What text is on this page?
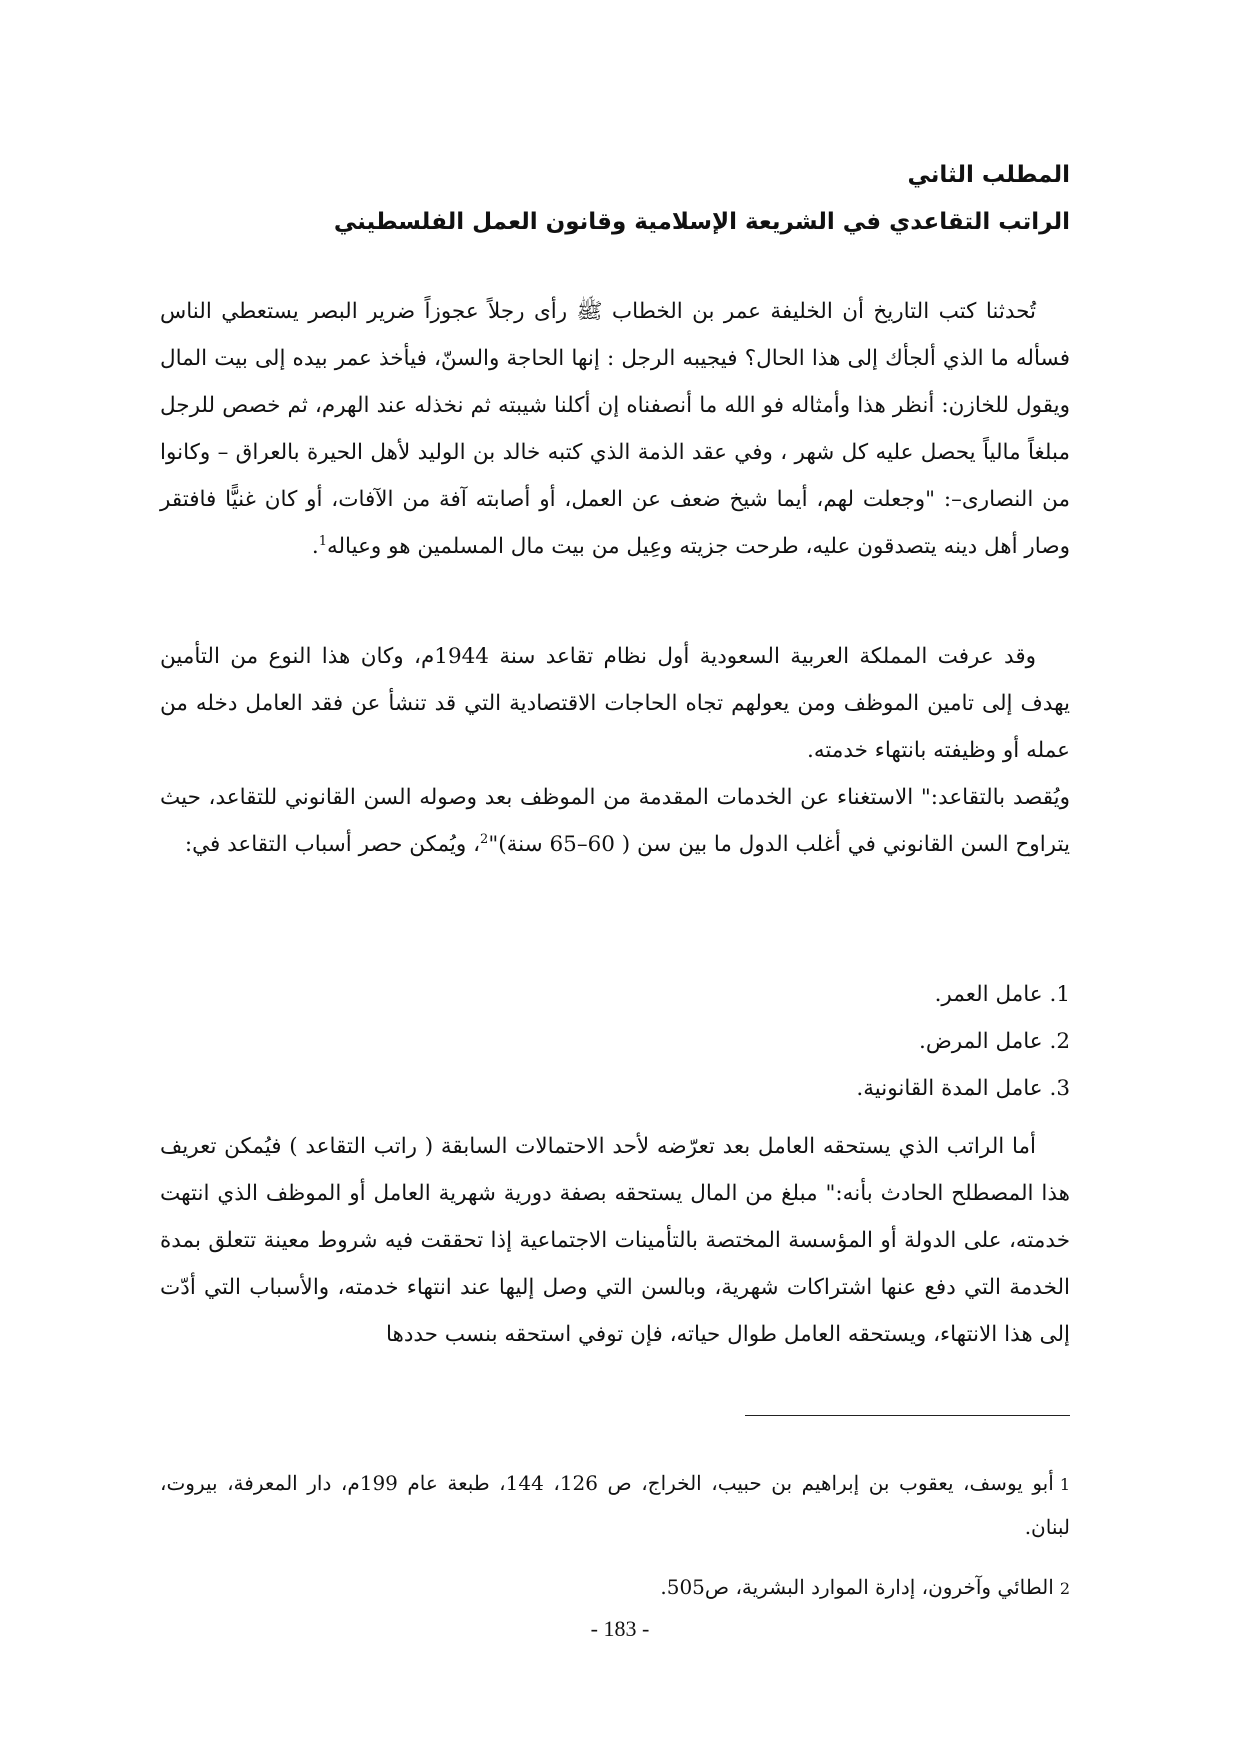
المطلب الثاني
الراتب التقاعدي في الشريعة الإسلامية وقانون العمل الفلسطيني

تُحدثنا كتب التاريخ أن الخليفة عمر بن الخطاب ﷺ رأى رجلاً عجوزاً ضرير البصر يستعطي الناس فسأله ما الذي ألجأك إلى هذا الحال؟ فيجيبه الرجل : إنها الحاجة والسنّ، فيأخذ عمر بيده إلى بيت المال ويقول للخازن: أنظر هذا وأمثاله فو الله ما أنصفناه إن أكلنا شيبته ثم نخذله عند الهرم، ثم خصص للرجل مبلغاً مالياً يحصل عليه كل شهر ، وفي عقد الذمة الذي كتبه خالد بن الوليد لأهل الحيرة بالعراق – وكانوا من النصارى–: "وجعلت لهم، أيما شيخ ضعف عن العمل، أو أصابته آفة من الآفات، أو كان غنيًّا فافتقر وصار أهل دينه يتصدقون عليه، طرحت جزيته وعِيل من بيت مال المسلمين هو وعياله$^1$.

وقد عرفت المملكة العربية السعودية أول نظام تقاعد سنة 1944م، وكان هذا النوع من التأمين يهدف إلى تامين الموظف ومن يعولهم تجاه الحاجات الاقتصادية التي قد تنشأ عن فقد العامل دخله من عمله أو وظيفته بانتهاء خدمته.

ويُقصد بالتقاعد:" الاستغناء عن الخدمات المقدمة من الموظف بعد وصوله السن القانوني للتقاعد، حيث يتراوح السن القانوني في أغلب الدول ما بين سن ( 60–65 سنة)"$^2$، ويُمكن حصر أسباب التقاعد في:

1. عامل العمر.
2. عامل المرض.
3. عامل المدة القانونية.

أما الراتب الذي يستحقه العامل بعد تعرّضه لأحد الاحتمالات السابقة ( راتب التقاعد ) فيُمكن تعريف هذا المصطلح الحادث بأنه:" مبلغ من المال يستحقه بصفة دورية شهرية العامل أو الموظف الذي انتهت خدمته، على الدولة أو المؤسسة المختصة بالتأمينات الاجتماعية إذا تحققت فيه شروط معينة تتعلق بمدة الخدمة التي دفع عنها اشتراكات شهرية، وبالسن التي وصل إليها عند انتهاء خدمته، والأسباب التي أدّت إلى هذا الانتهاء، ويستحقه العامل طوال حياته، فإن توفي استحقه بنسب حددها

1أبو يوسف، يعقوب بن إبراهيم بن حبيب، الخراج، ص 126، 144، طبعة عام 199م، دار المعرفة، بيروت، لبنان.

2الطائي وآخرون، إدارة الموارد البشرية، ص505.

- 183 -
